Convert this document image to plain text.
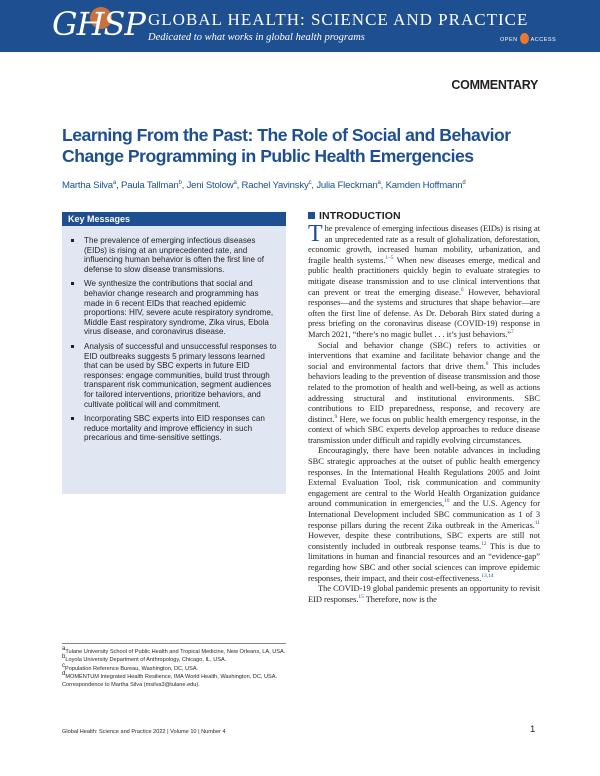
GHSP GLOBAL HEALTH: SCIENCE AND PRACTICE
Dedicated to what works in global health programs	OPEN ACCESS
COMMENTARY
Learning From the Past: The Role of Social and Behavior Change Programming in Public Health Emergencies
Martha Silva$^a$, Paula Tallman$^b$, Jeni Stolow$^a$, Rachel Yavinsky$^c$, Julia Fleckman$^a$, Kamden Hoffmann$^d$
Key Messages
The prevalence of emerging infectious diseases (EIDs) is rising at an unprecedented rate, and influencing human behavior is often the first line of defense to slow disease transmissions.
We synthesize the contributions that social and behavior change research and programming has made in 6 recent EIDs that reached epidemic proportions: HIV, severe acute respiratory syndrome, Middle East respiratory syndrome, Zika virus, Ebola virus disease, and coronavirus disease.
Analysis of successful and unsuccessful responses to EID outbreaks suggests 5 primary lessons learned that can be used by SBC experts in future EID responses: engage communities, build trust through transparent risk communication, segment audiences for tailored interventions, prioritize behaviors, and cultivate political will and commitment.
Incorporating SBC experts into EID responses can reduce mortality and improve efficiency in such precarious and time-sensitive settings.

$^a$Tulane University School of Public Health and Tropical Medicine, New Orleans, LA, USA.

$^b$Loyola University Department of Anthropology, Chicago, IL, USA.

$^c$Population Reference Bureau, Washington, DC, USA.

$^d$MOMENTUM Integrated Health Resilience, IMA World Health, Washington, DC, USA.

Correspondence to Martha Silva (msilva3@tulane.edu).

INTRODUCTION

The prevalence of emerging infectious diseases (EIDs) is rising at an unprecedented rate as a result of globalization, deforestation, economic growth, increased human mobility, urbanization, and fragile health systems.$^{1-5}$ When new diseases emerge, medical and public health practitioners quickly begin to evaluate strategies to mitigate disease transmission and to use clinical interventions that can prevent or treat the emerging disease.$^6$ However, behavioral responses—and the systems and structures that shape behavior—are often the first line of defense. As Dr. Deborah Birx stated during a press briefing on the coronavirus disease (COVID-19) response in March 2021, “there’s no magic bullet . . . it’s just behaviors.”$^7$

Social and behavior change (SBC) refers to activities or interventions that examine and facilitate behavior change and the social and environmental factors that drive them.$^8$ This includes behaviors leading to the prevention of disease transmission and those related to the promotion of health and well-being, as well as actions addressing structural and institutional environments. SBC contributions to EID preparedness, response, and recovery are distinct.$^9$ Here, we focus on public health emergency response, in the context of which SBC experts develop approaches to reduce disease transmission under difficult and rapidly evolving circumstances.

Encouragingly, there have been notable advances in including SBC strategic approaches at the outset of public health emergency responses. In the International Health Regulations 2005 and Joint External Evaluation Tool, risk communication and community engagement are central to the World Health Organization guidance around communication in emergencies,$^{10}$ and the U.S. Agency for International Development included SBC communication as 1 of 3 response pillars during the recent Zika outbreak in the Americas.$^{11}$ However, despite these contributions, SBC experts are still not consistently included in outbreak response teams.$^{12}$ This is due to limitations in human and financial resources and an “evidence-gap” regarding how SBC and other social sciences can improve epidemic responses, their impact, and their cost-effectiveness.$^{13,14}$

The COVID-19 global pandemic presents an opportunity to revisit EID responses.$^{15}$ Therefore, now is the

Global Health: Science and Practice 2022 | Volume 10 | Number 4	1
